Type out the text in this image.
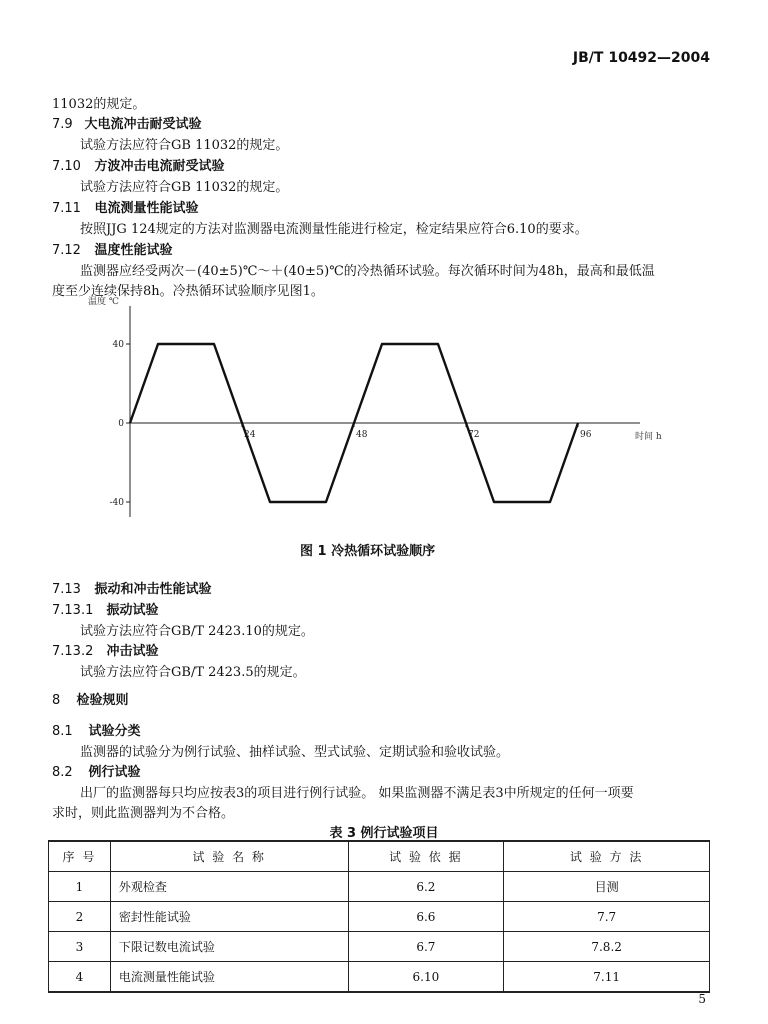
JB/T 10492—2004
11032的规定。
7.9 大电流冲击耐受试验
试验方法应符合GB 11032的规定。
7.10 方波冲击电流耐受试验
试验方法应符合GB 11032的规定。
7.11 电流测量性能试验
按照JJG 124规定的方法对监测器电流测量性能进行检定，检定结果应符合6.10的要求。
7.12 温度性能试验
监测器应经受两次－(40±5)℃～＋(40±5)℃的冷热循环试验。每次循环时间为48h，最高和最低温
度至少连续保持8h。冷热循环试验顺序见图1。
温度 ℃
时间 h
40
0
-40
24	48	72	96
图 1 冷热循环试验顺序
7.13 振动和冲击性能试验
7.13.1 振动试验
试验方法应符合GB/T 2423.10的规定。
7.13.2 冲击试验
试验方法应符合GB/T 2423.5的规定。
8 检验规则
8.1 试验分类
监测器的试验分为例行试验、抽样试验、型式试验、定期试验和验收试验。
8.2 例行试验
出厂的监测器每只均应按表3的项目进行例行试验。 如果监测器不满足表3中所规定的任何一项要
求时，则此监测器判为不合格。
表 3 例行试验项目
序 号	试 验 名 称	试 验 依 据	试 验 方 法
1	外观检查	6.2	目测
2	密封性能试验	6.6	7.7
3	下限记数电流试验	6.7	7.8.2
4	电流测量性能试验	6.10	7.11
5
